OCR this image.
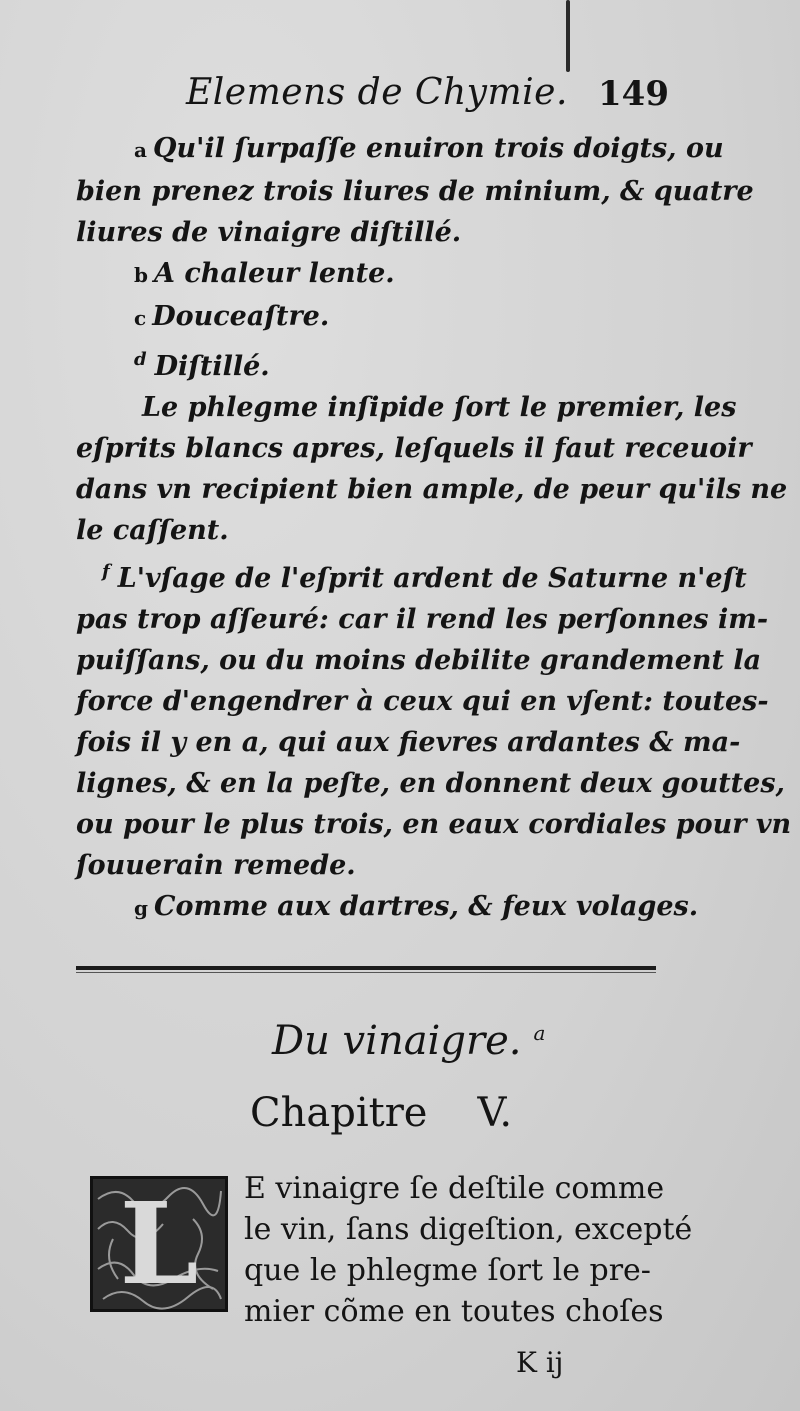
Elemens de Chymie. 149
a Qu'il ſurpaſſe enuiron trois doigts, ou
bien prenez trois liures de minium, & quatre
liures de vinaigre diſtillé.
b A chaleur lente.
c Douceaſtre.
$^d$ Diſtillé.
Le phlegme inſipide ſort le premier, les
eſprits blancs apres, leſquels il faut receuoir
dans vn recipient bien ample, de peur qu'ils ne
le caſſent.
$^f$ L'vſage de l'eſprit ardent de Saturne n'eſt
pas trop aſſeuré: car il rend les perſonnes im-
puiſſans, ou du moins debilite grandement la
force d'engendrer à ceux qui en vſent: toutes-
fois il y en a, qui aux fievres ardantes & ma-
lignes, & en la peſte, en donnent deux gouttes,
ou pour le plus trois, en eaux cordiales pour vn
ſouuerain remede.
g Comme aux dartres, & feux volages.
Du vinaigre. $^a$
Chapitre V.
L	E vinaigre ſe deſtile comme
le vin, ſans digeſtion, excepté
que le phlegme ſort le pre-
mier cõme en toutes choſes
K ij
